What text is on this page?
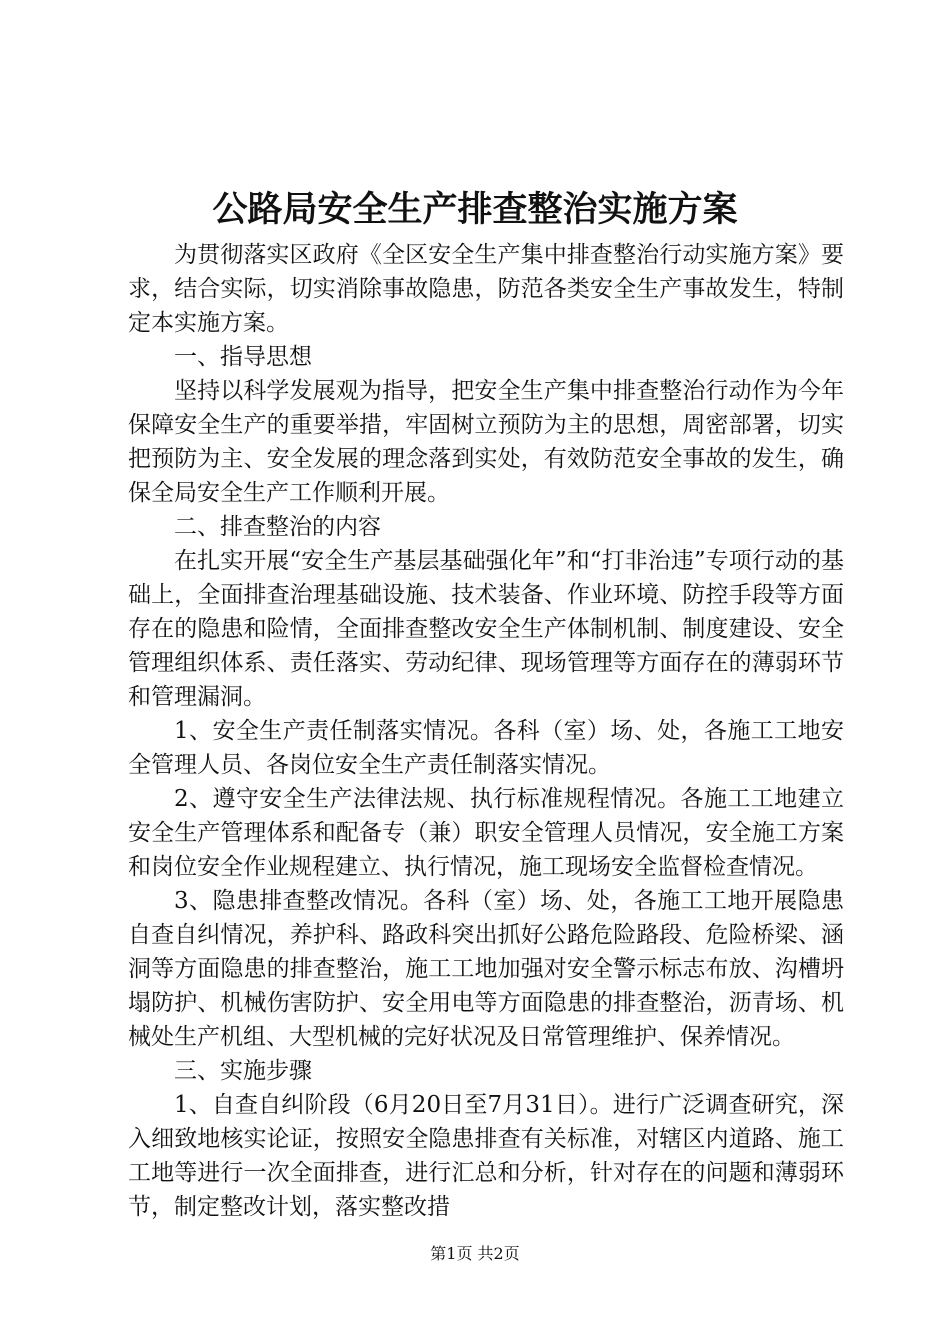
公路局安全生产排查整治实施方案

为贯彻落实区政府《全区安全生产集中排查整治行动实施方案》要求，结合实际，切实消除事故隐患，防范各类安全生产事故发生，特制定本实施方案。

一、指导思想

坚持以科学发展观为指导，把安全生产集中排查整治行动作为今年保障安全生产的重要举措，牢固树立预防为主的思想，周密部署，切实把预防为主、安全发展的理念落到实处，有效防范安全事故的发生，确保全局安全生产工作顺利开展。

二、排查整治的内容

在扎实开展“安全生产基层基础强化年”和“打非治违”专项行动的基础上，全面排查治理基础设施、技术装备、作业环境、防控手段等方面存在的隐患和险情，全面排查整改安全生产体制机制、制度建设、安全管理组织体系、责任落实、劳动纪律、现场管理等方面存在的薄弱环节和管理漏洞。

1、安全生产责任制落实情况。各科（室）场、处，各施工工地安全管理人员、各岗位安全生产责任制落实情况。

2、遵守安全生产法律法规、执行标准规程情况。各施工工地建立安全生产管理体系和配备专（兼）职安全管理人员情况，安全施工方案和岗位安全作业规程建立、执行情况，施工现场安全监督检查情况。

3、隐患排查整改情况。各科（室）场、处，各施工工地开展隐患自查自纠情况，养护科、路政科突出抓好公路危险路段、危险桥梁、涵洞等方面隐患的排查整治，施工工地加强对安全警示标志布放、沟槽坍塌防护、机械伤害防护、安全用电等方面隐患的排查整治，沥青场、机械处生产机组、大型机械的完好状况及日常管理维护、保养情况。

三、实施步骤

1、自查自纠阶段（6月20日至7月31日）。进行广泛调查研究，深入细致地核实论证，按照安全隐患排查有关标准，对辖区内道路、施工工地等进行一次全面排查，进行汇总和分析，针对存在的问题和薄弱环节，制定整改计划，落实整改措

第1页 共2页
